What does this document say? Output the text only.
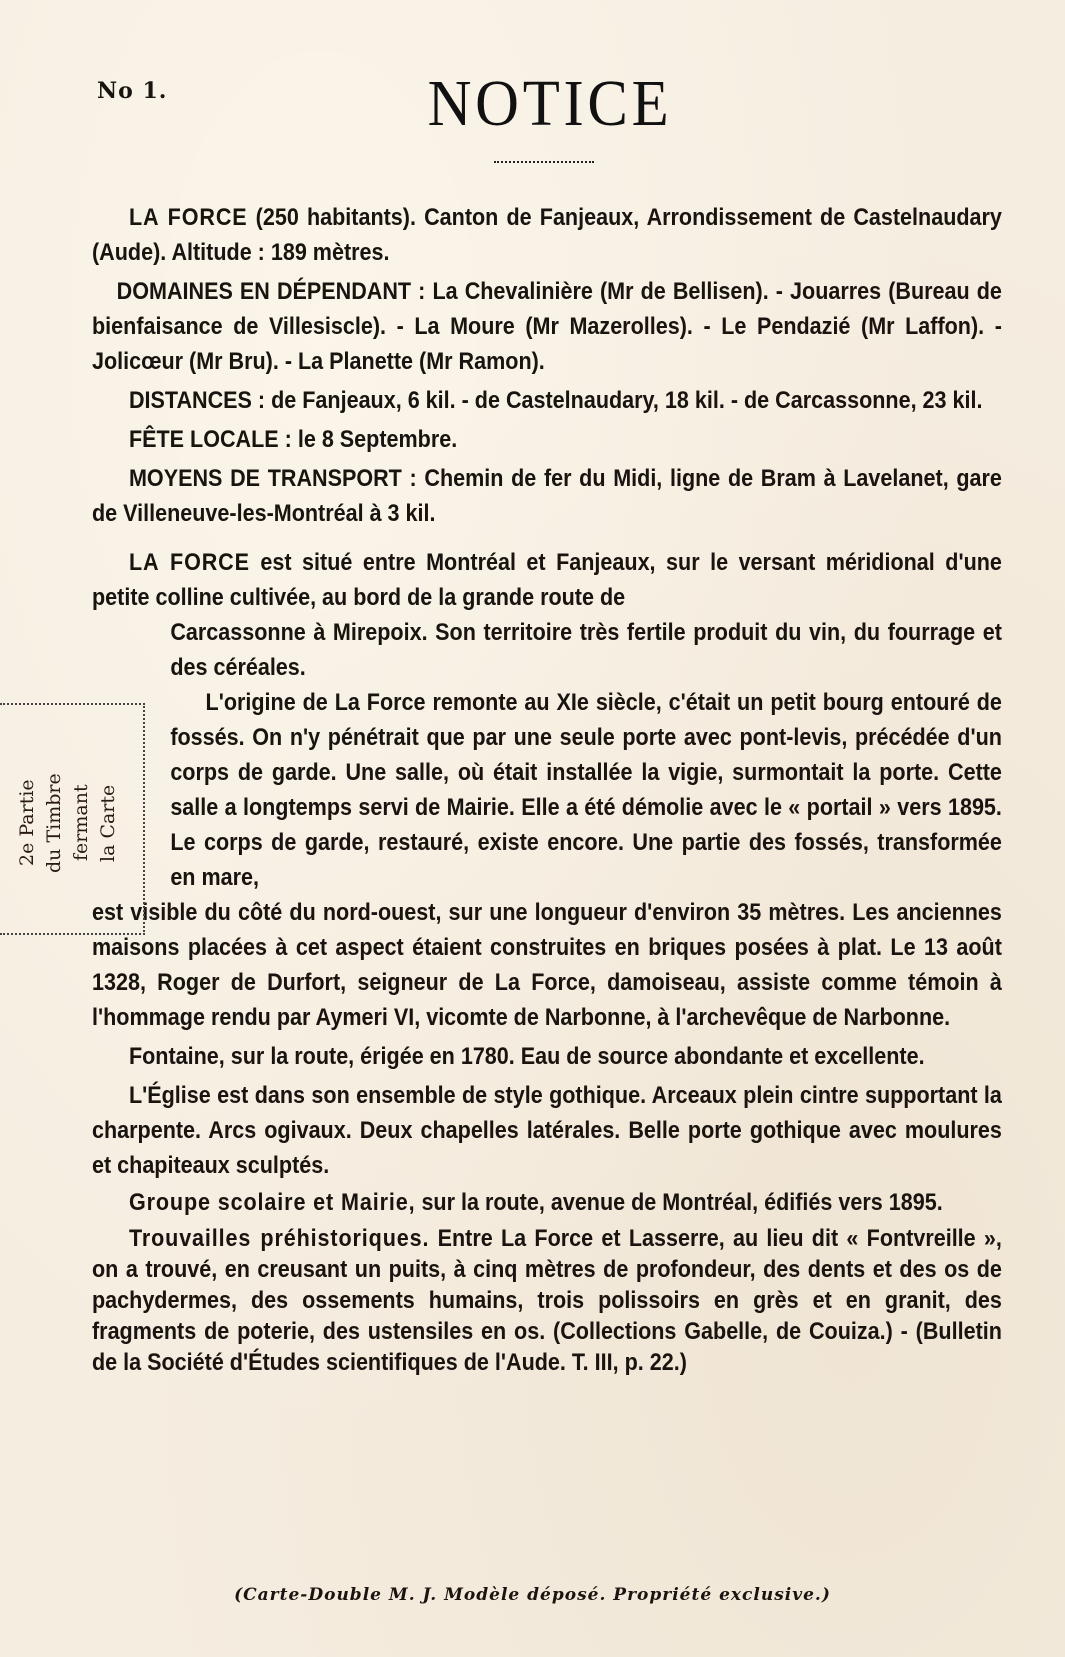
No 1.	NOTICE

LA FORCE (250 habitants). Canton de Fanjeaux, Arrondissement de Castelnaudary (Aude). Altitude : 189 mètres.

DOMAINES EN DÉPENDANT : La Chevalinière (Mr de Bellisen). - Jouarres (Bureau de bienfaisance de Villesiscle). - La Moure (Mr Mazerolles). - Le Pendazié (Mr Laffon). - Jolicœur (Mr Bru). - La Planette (Mr Ramon).

DISTANCES : de Fanjeaux, 6 kil. - de Castelnaudary, 18 kil. - de Carcassonne, 23 kil.

FÊTE LOCALE : le 8 Septembre.

MOYENS DE TRANSPORT : Chemin de fer du Midi, ligne de Bram à Lavelanet, gare de Villeneuve-les-Montréal à 3 kil.

LA FORCE est situé entre Montréal et Fanjeaux, sur le versant méridional d'une petite colline cultivée, au bord de la grande route de

Carcassonne à Mirepoix. Son territoire très fertile produit du vin, du fourrage et des céréales.

L'origine de La Force remonte au XIe siècle, c'était un petit bourg entouré de fossés. On n'y pénétrait que par une seule porte avec pont-levis, précédée d'un corps de garde. Une salle, où était installée la vigie, surmontait la porte. Cette salle a longtemps servi de Mairie. Elle a été démolie avec le « portail » vers 1895. Le corps de garde, restauré, existe encore. Une partie des fossés, transformée en mare,

est visible du côté du nord-ouest, sur une longueur d'environ 35 mètres. Les anciennes maisons placées à cet aspect étaient construites en briques posées à plat. Le 13 août 1328, Roger de Durfort, seigneur de La Force, damoiseau, assiste comme témoin à l'hommage rendu par Aymeri VI, vicomte de Narbonne, à l'archevêque de Narbonne.

Fontaine, sur la route, érigée en 1780. Eau de source abondante et excellente.

L'Église est dans son ensemble de style gothique. Arceaux plein cintre supportant la charpente. Arcs ogivaux. Deux chapelles latérales. Belle porte gothique avec moulures et chapiteaux sculptés.

Groupe scolaire et Mairie, sur la route, avenue de Montréal, édifiés vers 1895.

Trouvailles préhistoriques. Entre La Force et Lasserre, au lieu dit « Fontvreille », on a trouvé, en creusant un puits, à cinq mètres de profondeur, des dents et des os de pachydermes, des ossements humains, trois polissoirs en grès et en granit, des fragments de poterie, des ustensiles en os. (Collections Gabelle, de Couiza.) - (Bulletin de la Société d'Études scientifiques de l'Aude. T. III, p. 22.)

2e Partie du Timbre fermant la Carte
(Carte-Double M. J. Modèle déposé. Propriété exclusive.)
